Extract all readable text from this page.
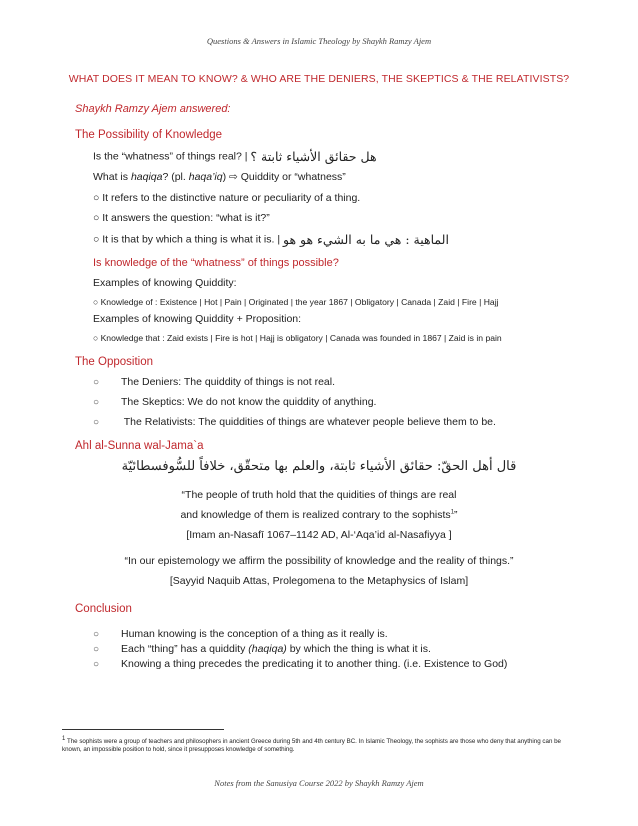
Questions & Answers in Islamic Theology by Shaykh Ramzy Ajem
WHAT DOES IT MEAN TO KNOW? & WHO ARE THE DENIERS, THE SKEPTICS & THE RELATIVISTS?
Shaykh Ramzy Ajem answered:
The Possibility of Knowledge
Is the “whatness” of things real? | هل حقائق الأشياء ثابتة ؟
What is haqiqa? (pl. haqa’iq) ⇨ Quiddity or “whatness”
○ It refers to the distinctive nature or peculiarity of a thing.
○ It answers the question: “what is it?”
○ It is that by which a thing is what it is. | الماهية : هي ما به الشيء هو هو
Is knowledge of the “whatness” of things possible?
Examples of knowing Quiddity:
○ Knowledge of : Existence | Hot | Pain | Originated | the year 1867 | Obligatory | Canada | Zaid | Fire | Hajj
Examples of knowing Quiddity + Proposition:
○ Knowledge that : Zaid exists | Fire is hot | Hajj is obligatory | Canada was founded in 1867 | Zaid is in pain
The Opposition
○ The Deniers: The quiddity of things is not real.
○ The Skeptics: We do not know the quiddity of anything.
○ The Relativists: The quiddities of things are whatever people believe them to be.
Ahl al-Sunna wal-Jama`a
قال أهل الحقّ: حقائق الأشياء ثابتة، والعلم بها متحقّق، خلافاً للسُّوفسطائيّة
“The people of truth hold that the quidities of things are real
and knowledge of them is realized contrary to the sophists$^1$”
[Imam an-Nasafī 1067–1142 AD, Al-‘Aqa’id al-Nasafiyya ]
“In our epistemology we affirm the possibility of knowledge and the reality of things.”
[Sayyid Naquib Attas, Prolegomena to the Metaphysics of Islam]
Conclusion
○ Human knowing is the conception of a thing as it really is.
○ Each “thing” has a quiddity (haqiqa) by which the thing is what it is.
○ Knowing a thing precedes the predicating it to another thing. (i.e. Existence to God)
$^1$ The sophists were a group of teachers and philosophers in ancient Greece during 5th and 4th century BC. In Islamic Theology, the sophists are those who deny that anything can be known, an impossible position to hold, since it presupposes knowledge of something.
Notes from the Sanusiya Course 2022 by Shaykh Ramzy Ajem
